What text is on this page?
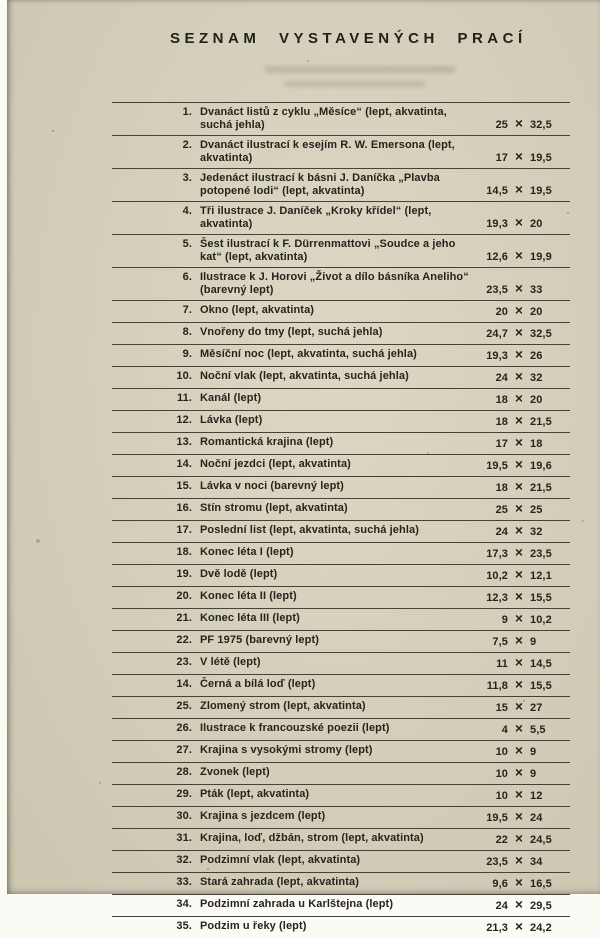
SEZNAM VYSTAVENÝCH PRACÍ
1. Dvanáct listů z cyklu „Měsíce“ (lept, akvatinta, suchá jehla)	25 × 32,5
2. Dvanáct ilustrací k esejím R. W. Emersona (lept, akvatinta)	17 × 19,5
3. Jedenáct ilustrací k básni J. Daníčka „Plavba potopené lodi“ (lept, akvatinta)	14,5 × 19,5
4. Tři ilustrace J. Daníček „Kroky křídel“ (lept, akvatinta)	19,3 × 20
5. Šest ilustrací k F. Dürrenmattovi „Soudce a jeho kat“ (lept, akvatinta)	12,6 × 19,9
6. Ilustrace k J. Horovi „Život a dílo básníka Aneliho“ (barevný lept)	23,5 × 33
7. Okno (lept, akvatinta)	20 × 20
8. Vnořeny do tmy (lept, suchá jehla)	24,7 × 32,5
9. Měsíční noc (lept, akvatinta, suchá jehla)	19,3 × 26
10. Noční vlak (lept, akvatinta, suchá jehla)	24 × 32
11. Kanál (lept)	18 × 20
12. Lávka (lept)	18 × 21,5
13. Romantická krajina (lept)	17 × 18
14. Noční jezdci (lept, akvatinta)	19,5 × 19,6
15. Lávka v noci (barevný lept)	18 × 21,5
16. Stín stromu (lept, akvatinta)	25 × 25
17. Poslední list (lept, akvatinta, suchá jehla)	24 × 32
18. Konec léta I (lept)	17,3 × 23,5
19. Dvě lodě (lept)	10,2 × 12,1
20. Konec léta II (lept)	12,3 × 15,5
21. Konec léta III (lept)	9 × 10,2
22. PF 1975 (barevný lept)	7,5 × 9
23. V létě (lept)	11 × 14,5
14. Černá a bílá loď (lept)	11,8 × 15,5
25. Zlomený strom (lept, akvatinta)	15 × 27
26. Ilustrace k francouzské poezii (lept)	4 × 5,5
27. Krajina s vysokými stromy (lept)	10 × 9
28. Zvonek (lept)	10 × 9
29. Pták (lept, akvatinta)	10 × 12
30. Krajina s jezdcem (lept)	19,5 × 24
31. Krajina, loď, džbán, strom (lept, akvatinta)	22 × 24,5
32. Podzimní vlak (lept, akvatinta)	23,5 × 34
33. Stará zahrada (lept, akvatinta)	9,6 × 16,5
34. Podzimní zahrada u Karlštejna (lept)	24 × 29,5
35. Podzim u řeky (lept)	21,3 × 24,2
